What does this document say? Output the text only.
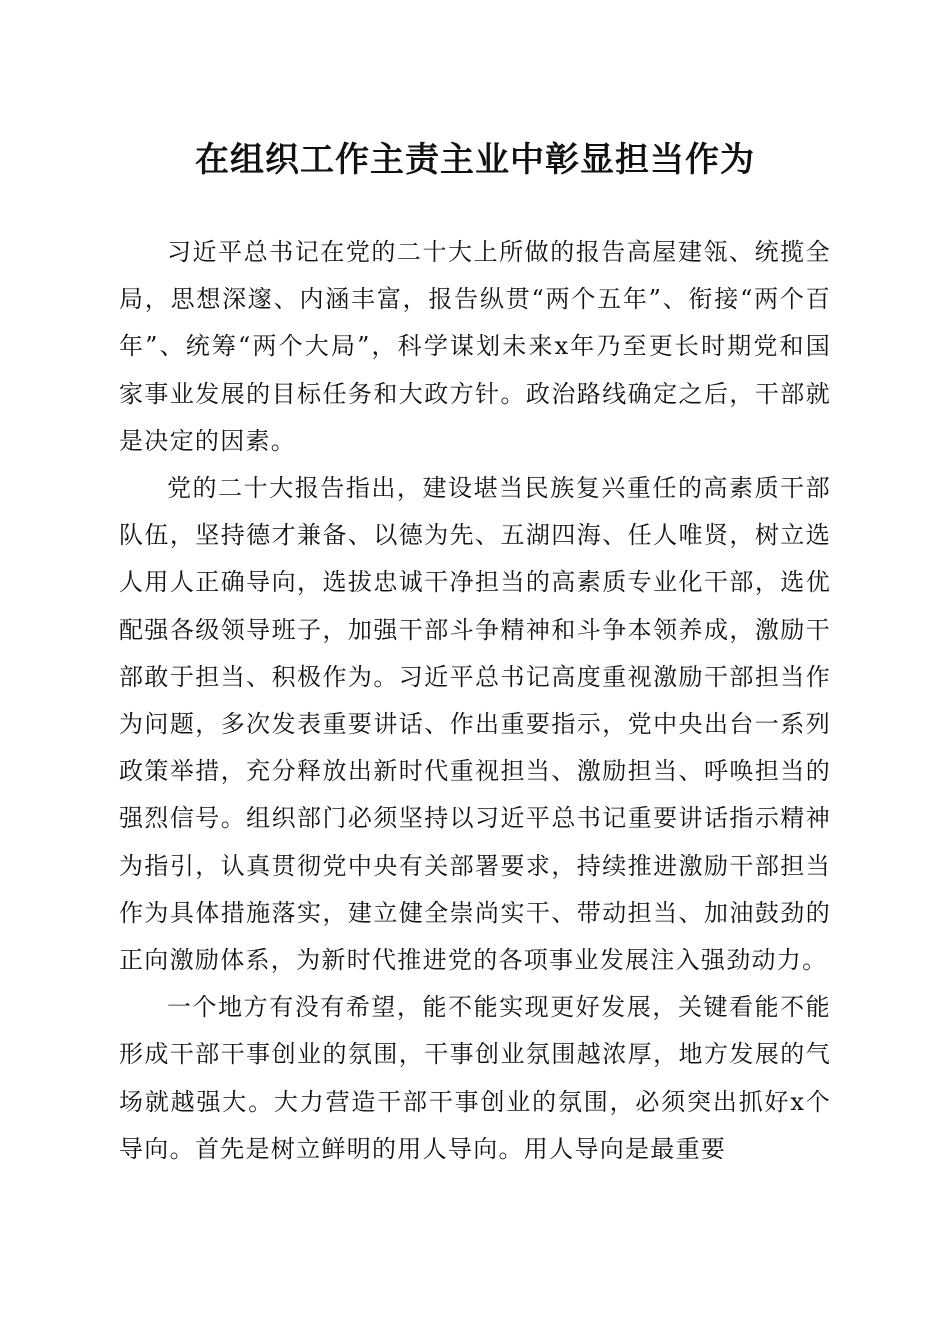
在组织工作主责主业中彰显担当作为

习近平总书记在党的二十大上所做的报告高屋建瓴、统揽全局，思想深邃、内涵丰富，报告纵贯“两个五年”、衔接“两个百年”、统筹“两个大局”，科学谋划未来x年乃至更长时期党和国家事业发展的目标任务和大政方针。政治路线确定之后，干部就是决定的因素。

党的二十大报告指出，建设堪当民族复兴重任的高素质干部队伍，坚持德才兼备、以德为先、五湖四海、任人唯贤，树立选人用人正确导向，选拔忠诚干净担当的高素质专业化干部，选优配强各级领导班子，加强干部斗争精神和斗争本领养成，激励干部敢于担当、积极作为。习近平总书记高度重视激励干部担当作为问题，多次发表重要讲话、作出重要指示，党中央出台一系列政策举措，充分释放出新时代重视担当、激励担当、呼唤担当的强烈信号。组织部门必须坚持以习近平总书记重要讲话指示精神为指引，认真贯彻党中央有关部署要求，持续推进激励干部担当作为具体措施落实，建立健全崇尚实干、带动担当、加油鼓劲的正向激励体系，为新时代推进党的各项事业发展注入强劲动力。

一个地方有没有希望，能不能实现更好发展，关键看能不能形成干部干事创业的氛围，干事创业氛围越浓厚，地方发展的气场就越强大。大力营造干部干事创业的氛围，必须突出抓好x个导向。首先是树立鲜明的用人导向。用人导向是最重要
